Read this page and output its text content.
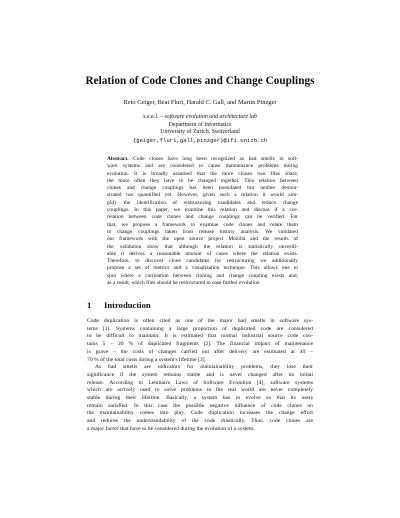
Relation of Code Clones and Change Couplings
Reto Geiger, Beat Fluri, Harald C. Gall, and Martin Pinzger
s.e.a.l. – software evolution and architecture lab
Department of Informatics
University of Zurich, Switzerland
{geiger,fluri,gall,pinzger}@ifi.unizh.ch
Abstract. Code clones have long been recognized as bad smells in soft-
ware systems and are considered to cause maintenance problems during
evolution. It is broadly assumed that the more clones two files share,
the more often they have to be changed together. This relation between
clones and change couplings has been postulated but neither demon-
strated nor quantified yet. However, given such a relation it would sim-
plify the identification of restructuring candidates and reduce change
couplings. In this paper, we examine this relation and discuss if a cor-
relation between code clones and change couplings can be verified. For
that, we propose a framework to examine code clones and relate them
to change couplings taken from release history analysis. We validated
our framework with the open source project Mozilla and the results of
the validation show that although the relation is statistically unverifi-
able it derives a reasonable amount of cases where the relation exists.
Therefore, to discover clone candidates for restructuring we additionally
propose a set of metrics and a visualization technique. This allows one to
spot where a correlation between cloning and change coupling exists and,
as a result, which files should be restructured to ease further evolution.
1 Introduction
Code duplication is often cited as one of the major bad smells in software sys-
tems [1]. Systems containing a large proportion of duplicated code are considered
to be difficult to maintain. It is estimated that normal industrial source code con-
tains 5 – 20 % of duplicated fragments [2]. The financial impact of maintenance
is grave – the costs of changes carried out after delivery are estimated at 40 –
70 % of the total costs during a system's lifetime [3].
As bad smells are indicators for maintainability problems, they lose their
significance if the system remains stable and is never changed after its initial
release. According to Lehman's Laws of Software Evolution [4], software systems
which are actively used to solve problems in the real world are never completely
stable during their lifetime. Basically, a system has to evolve so that its users
remain satisfied. In this case the possible negative influence of code clones on
the maintainability comes into play. Code duplication increases the change effort
and reduces the understandability of the code drastically. Thus, code clones are
a major factor that have to be considered during the evolution of a system.
